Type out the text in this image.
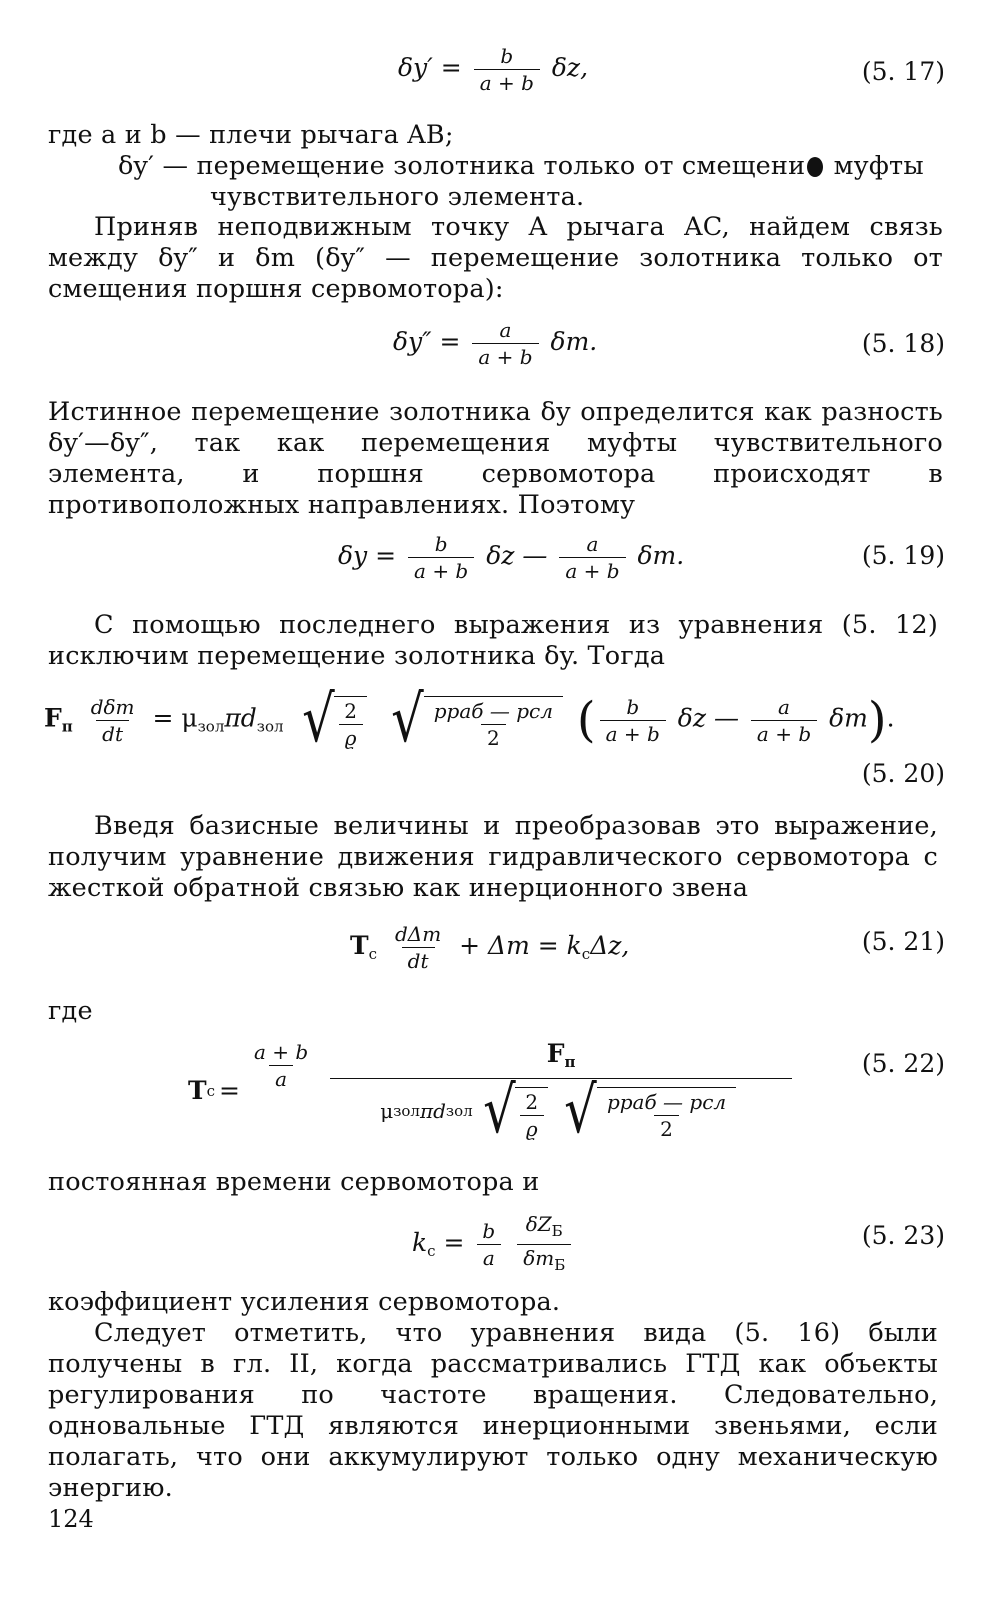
$\delta y' = \frac{b}{a + b} \delta z$,	(5. 17)
где a и b — плечи рычага AB;
δy′ — перемещение золотника только от смещени муфты
чувствительного элемента.
Приняв неподвижным точку A рычага AC, найдем связь между δy″ и δm (δy″ — перемещение золотника только от смещения поршня сервомотора):
$\delta y'' = \frac{a}{a + b} \delta m$.	(5. 18)
Истинное перемещение золотника δy определится как разность δy′—δy″, так как перемещения муфты чувствительного элемента, и поршня сервомотора происходят в противоположных направлениях. Поэтому
$\delta y = \frac{b}{a + b}$ δz — $\frac{a}{a + b} \delta m$.	(5. 19)
С помощью последнего выражения из уравнения (5. 12) исключим перемещение золотника δy. Тогда
$F_п \frac{\text{dδm}}{dt} = \mu_{зол}\pi d_{зол}$ √ $\frac{2}{ϱ}$
√ $\frac{\text{pраб — pсл}}{2}$ ( $\frac{b}{a + b}$ δz — $\frac{a}{a + b} \delta m$).
(5. 20)
Введя базисные величины и преобразовав это выражение, получим уравнение движения гидравлического сервомотора с жесткой обратной связью как инерционного звена
$T_c \frac{\text{dΔm}}{dt} + \Delta m = k_c\Delta z$,	(5. 21)
где
T $c = \frac{a + b}{a}$	$F_п$
μ зол πd зол √ $\frac{2}{ϱ}$ √ $\frac{\text{pраб — pсл}}{2}$
(5. 22)
постоянная времени сервомотора и
$k_c = \frac{b}{a}$
$\frac{\delta Z_Б}{\delta m_Б}$	(5. 23)
коэффициент усиления сервомотора.
Следует отметить, что уравнения вида (5. 16) были получены в гл. II, когда рассматривались ГТД как объекты регулирования по частоте вращения. Следовательно, одновальные ГТД являются инерционными звеньями, если полагать, что они аккумулируют только одну механическую энергию.
124
